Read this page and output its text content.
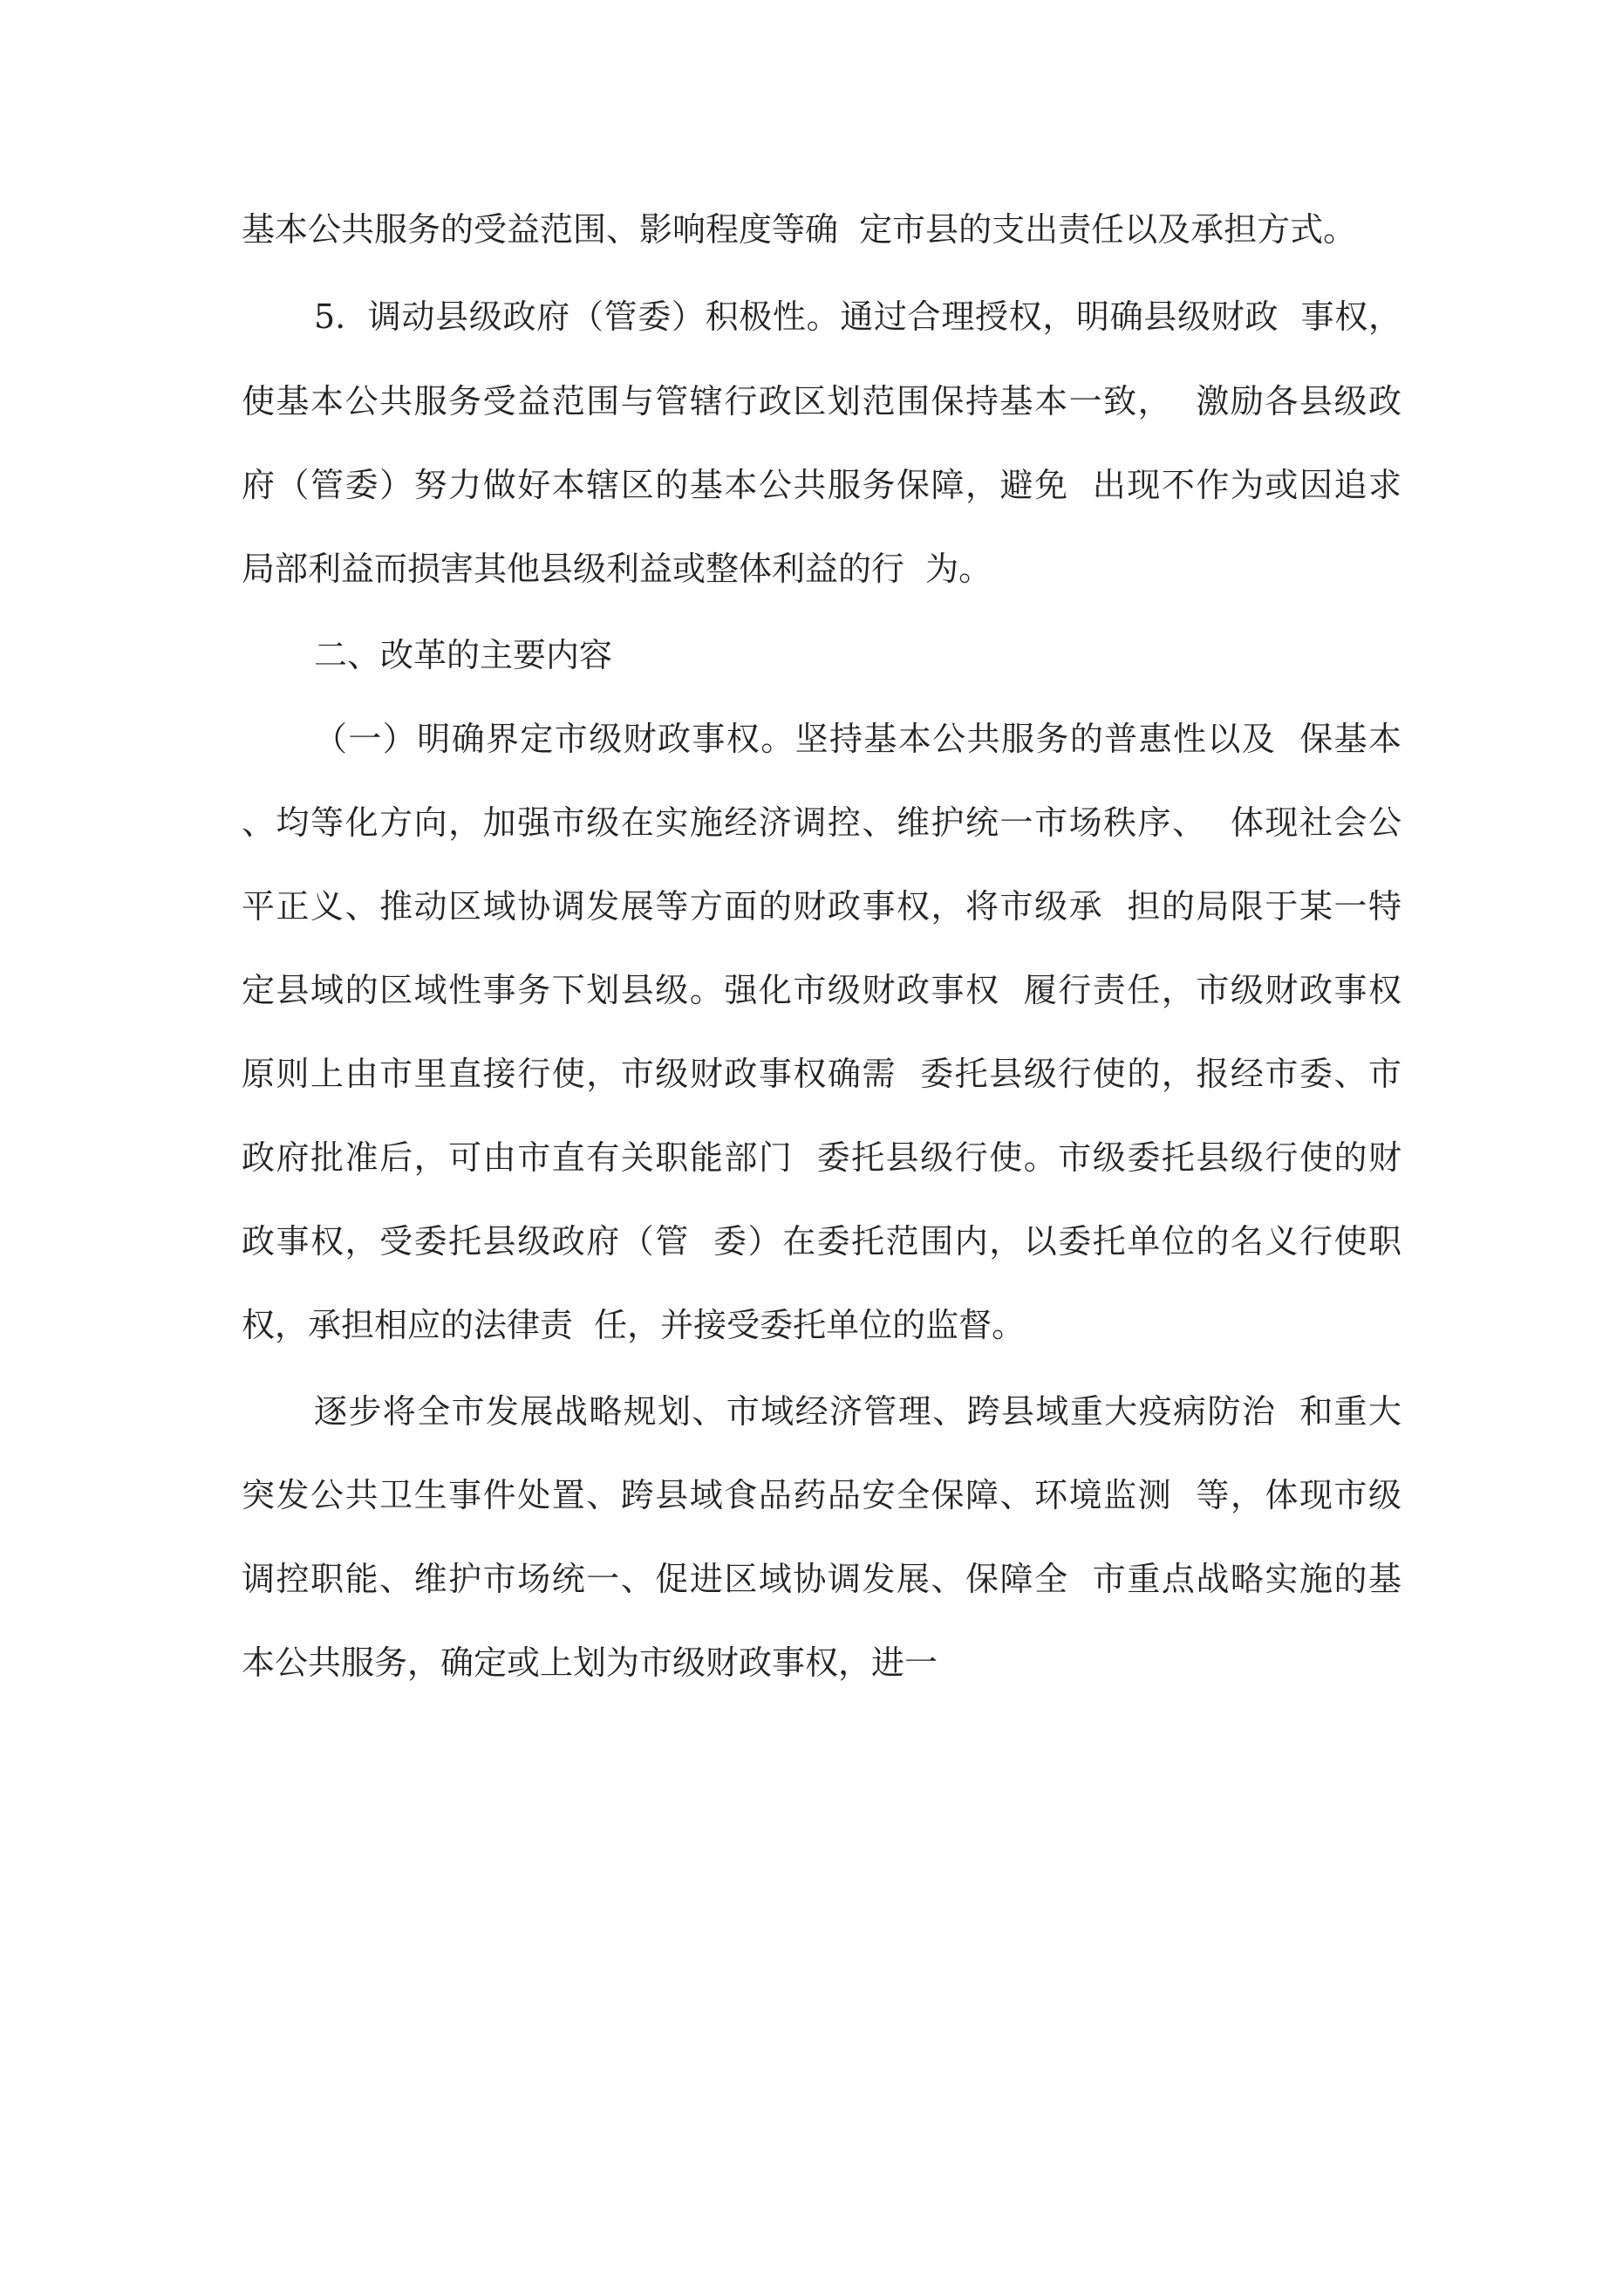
基本公共服务的受益范围、影响程度等确  定市县的支出责任以及承担方式。

5.  调动县级政府（管委）积极性。通过合理授权，明确县级财政  事权，

使基本公共服务受益范围与管辖行政区划范围保持基本一致，  激励各县级政

府（管委）努力做好本辖区的基本公共服务保障，避免  出现不作为或因追求

局部利益而损害其他县级利益或整体利益的行  为。

二、改革的主要内容

（一）明确界定市级财政事权。坚持基本公共服务的普惠性以及  保基本

、均等化方向，加强市级在实施经济调控、维护统一市场秩序、  体现社会公

平正义、推动区域协调发展等方面的财政事权，将市级承  担的局限于某一特

定县域的区域性事务下划县级。强化市级财政事权  履行责任，市级财政事权

原则上由市里直接行使，市级财政事权确需  委托县级行使的，报经市委、市

政府批准后，可由市直有关职能部门  委托县级行使。市级委托县级行使的财

政事权，受委托县级政府（管  委）在委托范围内，以委托单位的名义行使职

权，承担相应的法律责  任，并接受委托单位的监督。

逐步将全市发展战略规划、市域经济管理、跨县域重大疫病防治  和重大

突发公共卫生事件处置、跨县域食品药品安全保障、环境监测  等，体现市级

调控职能、维护市场统一、促进区域协调发展、保障全  市重点战略实施的基

本公共服务，确定或上划为市级财政事权，进一
